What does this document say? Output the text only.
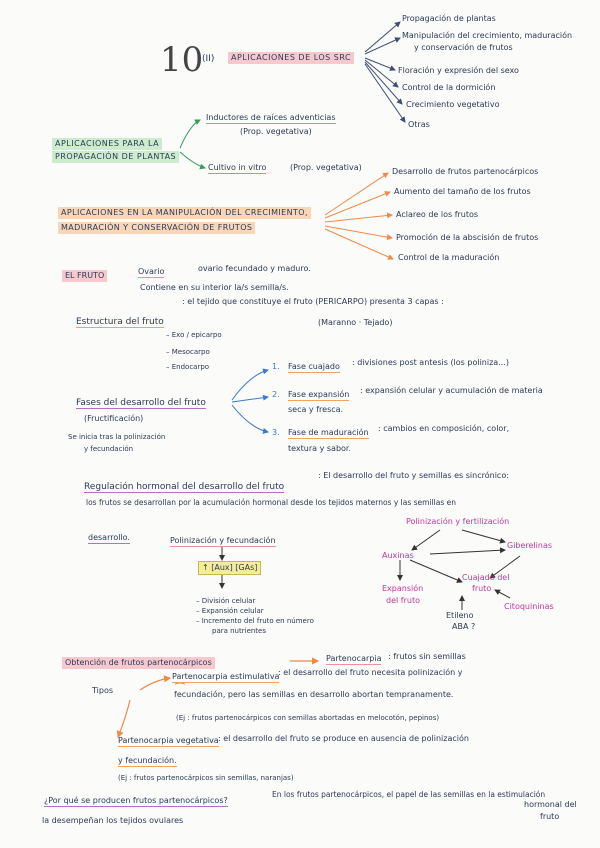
10
(II)	APLICACIONES DE LOS SRC
Propagación de plantas
Manipulación del crecimiento, maduración
y conservación de frutos
Floración y expresión del sexo
Control de la dormición
Crecimiento vegetativo
Otras
APLICACIONES PARA LA
PROPAGACIÓN DE PLANTAS
Inductores de raíces adventicias
(Prop. vegetativa)
Cultivo in vitro	(Prop. vegetativa)
APLICACIONES EN LA MANIPULACIÓN DEL CRECIMIENTO,
MADURACIÓN Y CONSERVACIÓN DE FRUTOS
Desarrollo de frutos partenocárpicos
Aumento del tamaño de los frutos
Aclareo de los frutos
Promoción de la abscisión de frutos
Control de la maduración
EL FRUTO	Ovario	ovario fecundado y maduro.
Contiene en su interior la/s semilla/s.
Estructura del fruto
: el tejido que constituye el fruto (PERICARPO) presenta 3 capas :
(Maranno · Tejado)
– Exo / epicarpo
– Mesocarpo
– Endocarpo
Fases del desarrollo del fruto
(Fructificación)
Se inicia tras la polinización
y fecundación
1. Fase cuajado : divisiones post antesis (los poliniza...)
2. Fase expansión : expansión celular y acumulación de materia
seca y fresca.
3. Fase de maduración : cambios en composición, color,
textura y sabor.
Regulación hormonal del desarrollo del fruto
: El desarrollo del fruto y semillas es sincrónico:
los frutos se desarrollan por la acumulación hormonal desde los tejidos maternos y las semillas en
desarrollo.	Polinización y fecundación
↑ [Aux] [GAs]
– División celular
– Expansión celular
– Incremento del fruto en número
para nutrientes
Polinización y fertilización
Auxinas
Giberelinas
Cuajado del
fruto
Expansión
del fruto
Etileno
ABA ?
Citoquininas
Obtención de frutos partenocárpicos	Partenocarpia : frutos sin semillas
Tipos
Partenocarpia estimulativa
: el desarrollo del fruto necesita polinización y
fecundación, pero las semillas en desarrollo abortan tempranamente.
(Ej : frutos partenocárpicos con semillas abortadas en melocotón, pepinos)
Partenocarpia vegetativa : el desarrollo del fruto se produce en ausencia de polinización
y fecundación.
(Ej : frutos partenocárpicos sin semillas, naranjas)
¿Por qué se producen frutos partenocárpicos?
En los frutos partenocárpicos, el papel de las semillas en la estimulación
hormonal del
fruto
la desempeñan los tejidos ovulares
